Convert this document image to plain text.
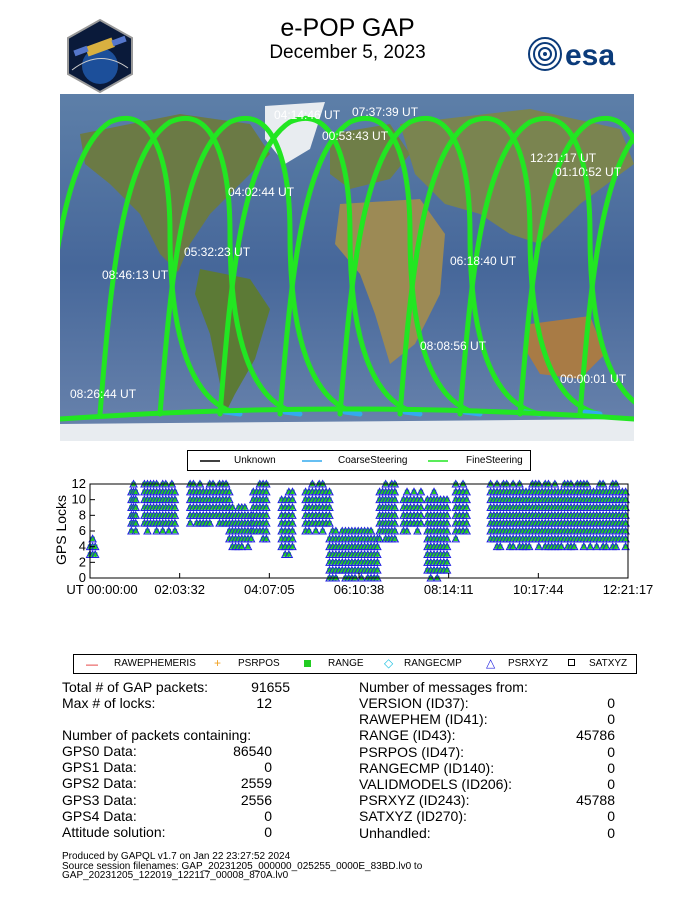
e-POP GAP
December 5, 2023	esa
04:14:46 UT 07:37:39 UT
00:53:43 UT
12:21:17 UT
01:10:52 UT
04:02:44 UT
05:32:23 UT
06:18:40 UT
08:46:13 UT
08:08:56 UT
08:26:44 UT
00:00:01 UT
Unknown	CoarseSteering	FineSteering
0
2
4
6
8
10
12
UT 00:00:00 02:03:32	04:07:05	06:10:38	08:14:11	10:17:44	12:21:17
GPS Locks
— RAWEPHEMERIS + PSRPOS	RANGE ◇ RANGECMP △ PSRXYZ	SATXYZ
Total # of GAP packets:	91655
Max # of locks:	12
Number of packets containing:
GPS0 Data:	86540
GPS1 Data:	0
GPS2 Data:	2559
GPS3 Data:	2556
GPS4 Data:	0
Attitude solution:	0
Number of messages from:
VERSION (ID37):	0
RAWEPHEM (ID41):	0
RANGE (ID43):	45786
PSRPOS (ID47):	0
RANGECMP (ID140):	0
VALIDMODELS (ID206):	0
PSRXYZ (ID243):	45788
SATXYZ (ID270):	0
Unhandled:	0
Produced by GAPQL v1.7 on Jan 22 23:27:52 2024
Source session filenames: GAP_20231205_000000_025255_0000E_83BD.lv0 to
GAP_20231205_122019_122117_00008_870A.lv0
